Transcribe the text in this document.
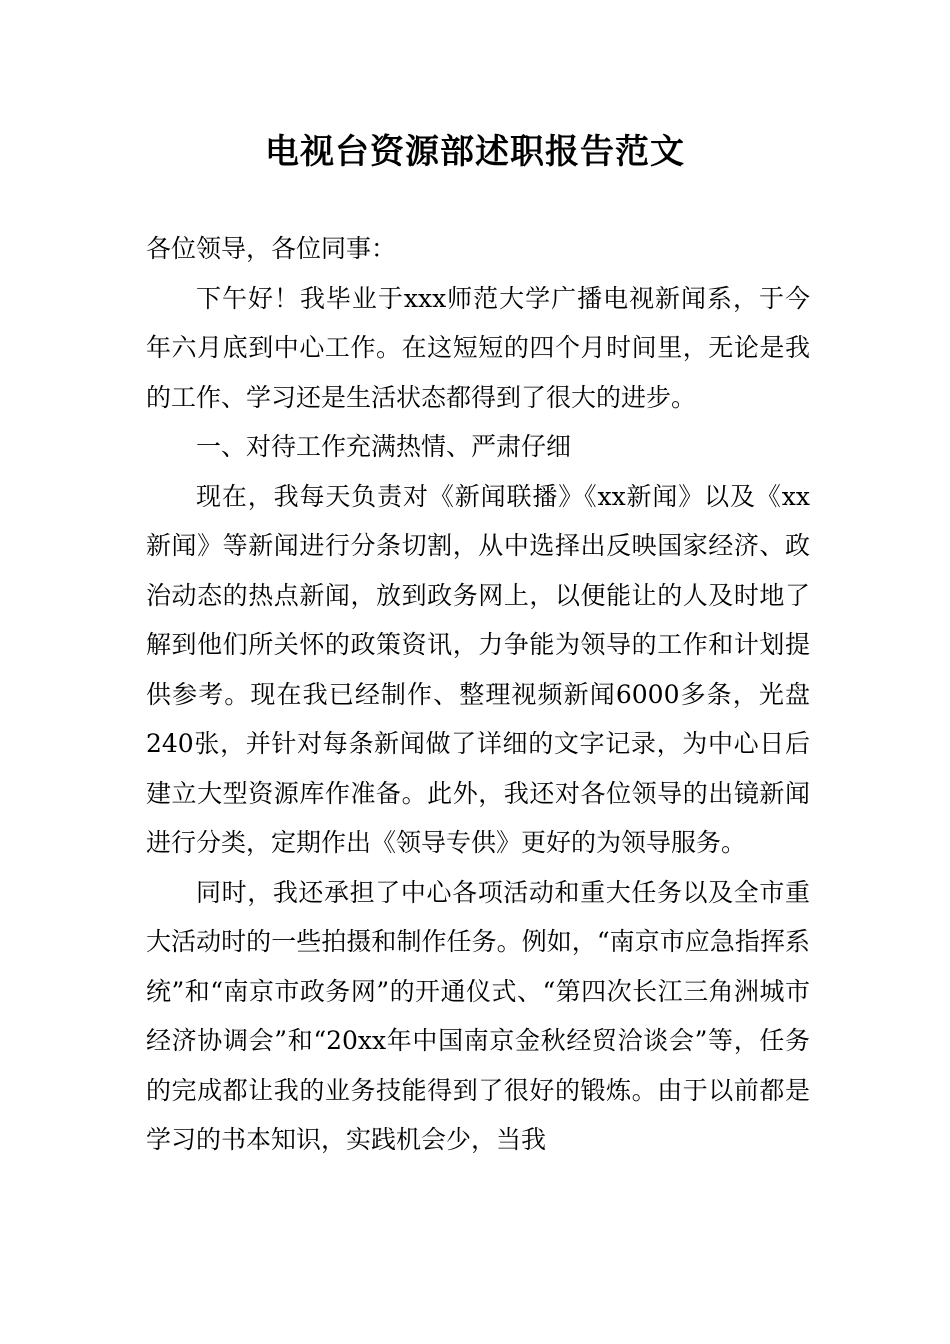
电视台资源部述职报告范文

各位领导，各位同事：

下午好！我毕业于xxx师范大学广播电视新闻系，于今年六月底到中心工作。在这短短的四个月时间里，无论是我的工作、学习还是生活状态都得到了很大的进步。

一、对待工作充满热情、严肃仔细

现在，我每天负责对《新闻联播》《xx新闻》以及《xx新闻》等新闻进行分条切割，从中选择出反映国家经济、政治动态的热点新闻，放到政务网上，以便能让的人及时地了解到他们所关怀的政策资讯，力争能为领导的工作和计划提供参考。现在我已经制作、整理视频新闻6000多条，光盘240张，并针对每条新闻做了详细的文字记录，为中心日后建立大型资源库作准备。此外，我还对各位领导的出镜新闻进行分类，定期作出《领导专供》更好的为领导服务。

同时，我还承担了中心各项活动和重大任务以及全市重大活动时的一些拍摄和制作任务。例如，“南京市应急指挥系统”和“南京市政务网”的开通仪式、“第四次长江三角洲城市经济协调会”和“20xx年中国南京金秋经贸洽谈会”等，任务的完成都让我的业务技能得到了很好的锻炼。由于以前都是学习的书本知识，实践机会少，当我
